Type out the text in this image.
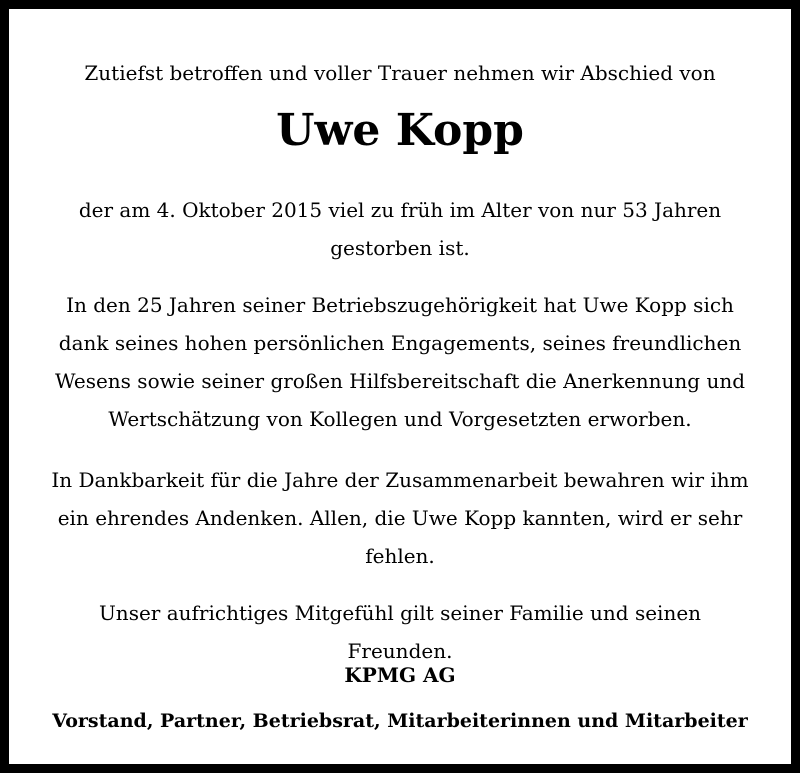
Zutiefst betroffen und voller Trauer nehmen wir Abschied von

Uwe Kopp

der am 4. Oktober 2015 viel zu früh im Alter von nur 53 Jahren gestorben ist.

In den 25 Jahren seiner Betriebszugehörigkeit hat Uwe Kopp sich dank seines hohen persönlichen Engagements, seines freundlichen Wesens sowie seiner großen Hilfsbereitschaft die Anerkennung und Wertschätzung von Kollegen und Vorgesetzten erworben.

In Dankbarkeit für die Jahre der Zusammenarbeit bewahren wir ihm ein ehrendes Andenken. Allen, die Uwe Kopp kannten, wird er sehr fehlen.

Unser aufrichtiges Mitgefühl gilt seiner Familie und seinen Freunden.

KPMG AG

Vorstand, Partner, Betriebsrat, Mitarbeiterinnen und Mitarbeiter
